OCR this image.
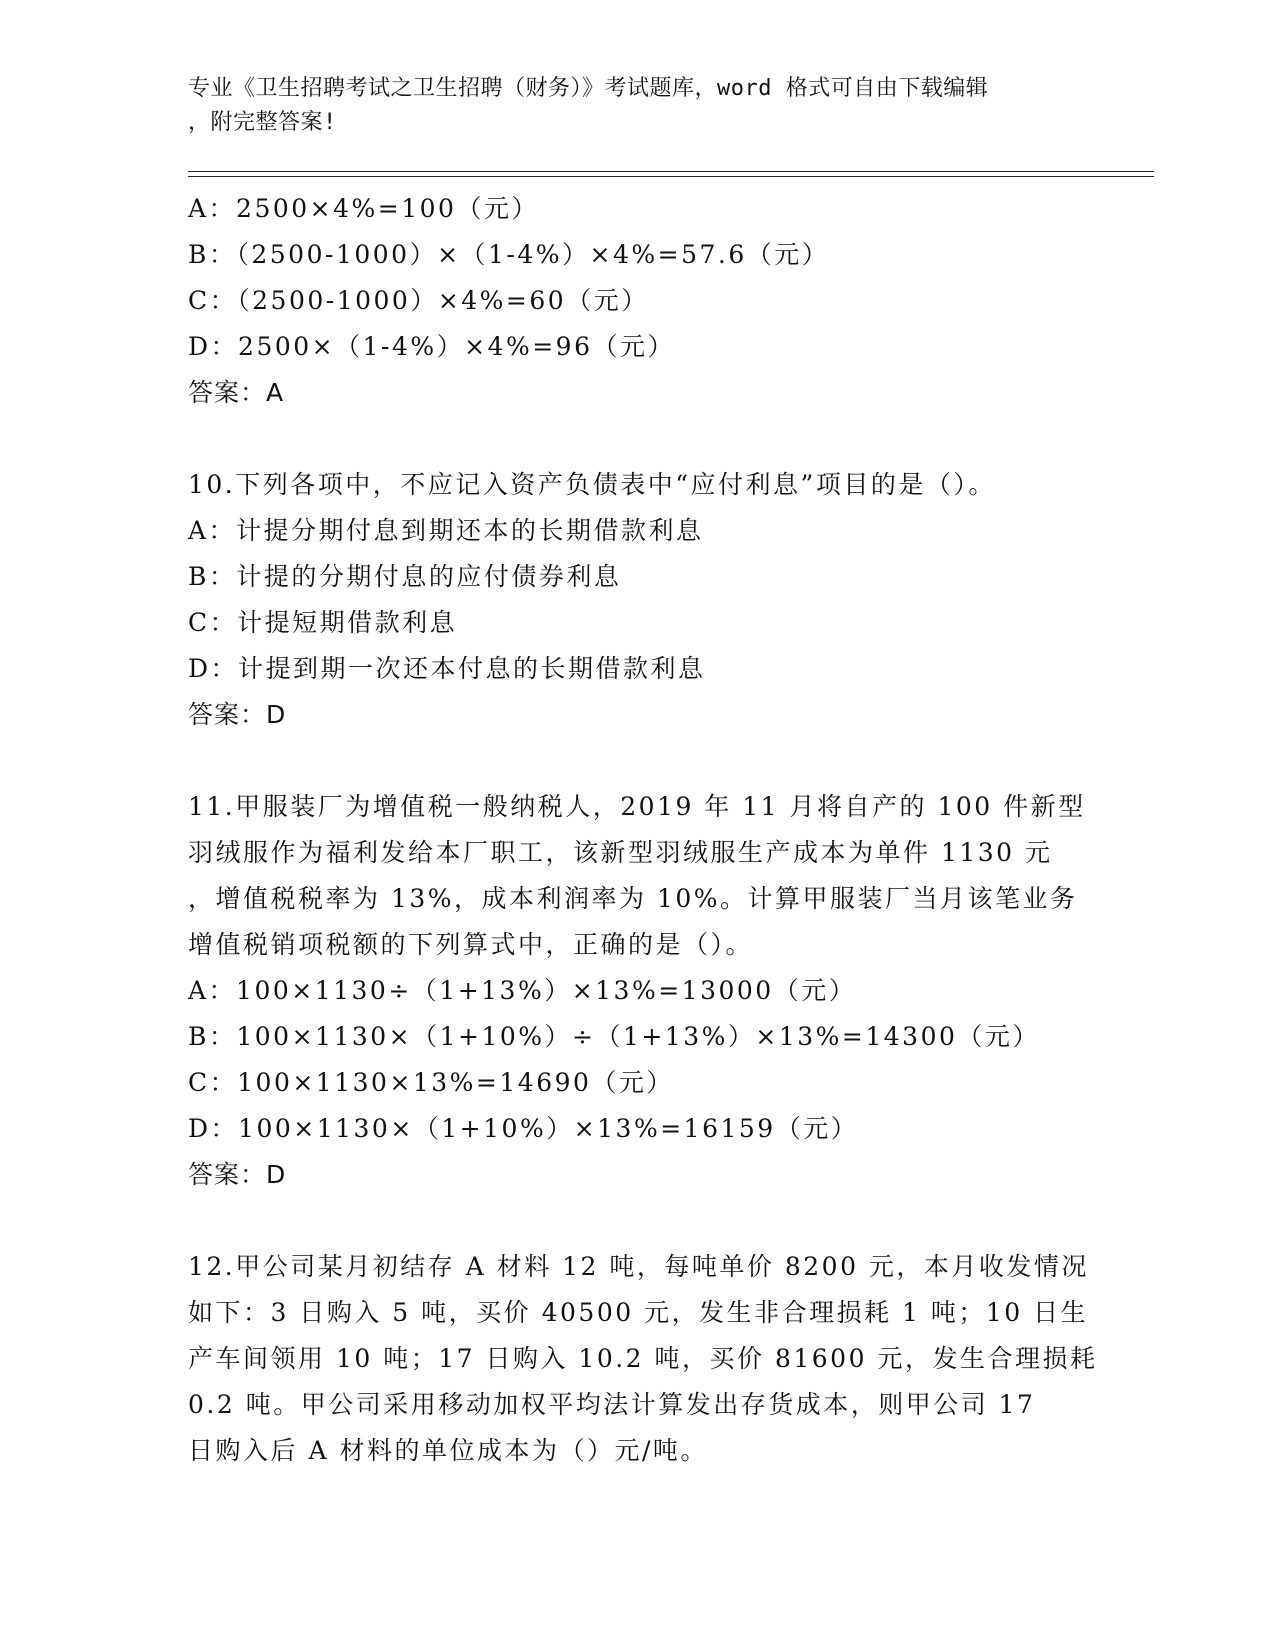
专业《卫生招聘考试之卫生招聘（财务）》考试题库，word 格式可自由下载编辑
，附完整答案!
A：2500×4%=100（元）
B：（2500-1000）×（1-4%）×4%=57.6（元）
C：（2500-1000）×4%=60（元）
D：2500×（1-4%）×4%=96（元）
答案：A
10.下列各项中，不应记入资产负债表中“应付利息”项目的是（）。
A：计提分期付息到期还本的长期借款利息
B：计提的分期付息的应付债券利息
C：计提短期借款利息
D：计提到期一次还本付息的长期借款利息
答案：D
11.甲服装厂为增值税一般纳税人，2019 年 11 月将自产的 100 件新型
羽绒服作为福利发给本厂职工，该新型羽绒服生产成本为单件 1130 元
，增值税税率为 13%，成本利润率为 10%。计算甲服装厂当月该笔业务
增值税销项税额的下列算式中，正确的是（）。
A：100×1130÷（1+13%）×13%=13000（元）
B：100×1130×（1+10%）÷（1+13%）×13%=14300（元）
C：100×1130×13%=14690（元）
D：100×1130×（1+10%）×13%=16159（元）
答案：D
12.甲公司某月初结存 A 材料 12 吨，每吨单价 8200 元，本月收发情况
如下：3 日购入 5 吨，买价 40500 元，发生非合理损耗 1 吨；10 日生
产车间领用 10 吨；17 日购入 10.2 吨，买价 81600 元，发生合理损耗
0.2 吨。甲公司采用移动加权平均法计算发出存货成本，则甲公司 17
日购入后 A 材料的单位成本为（）元/吨。
